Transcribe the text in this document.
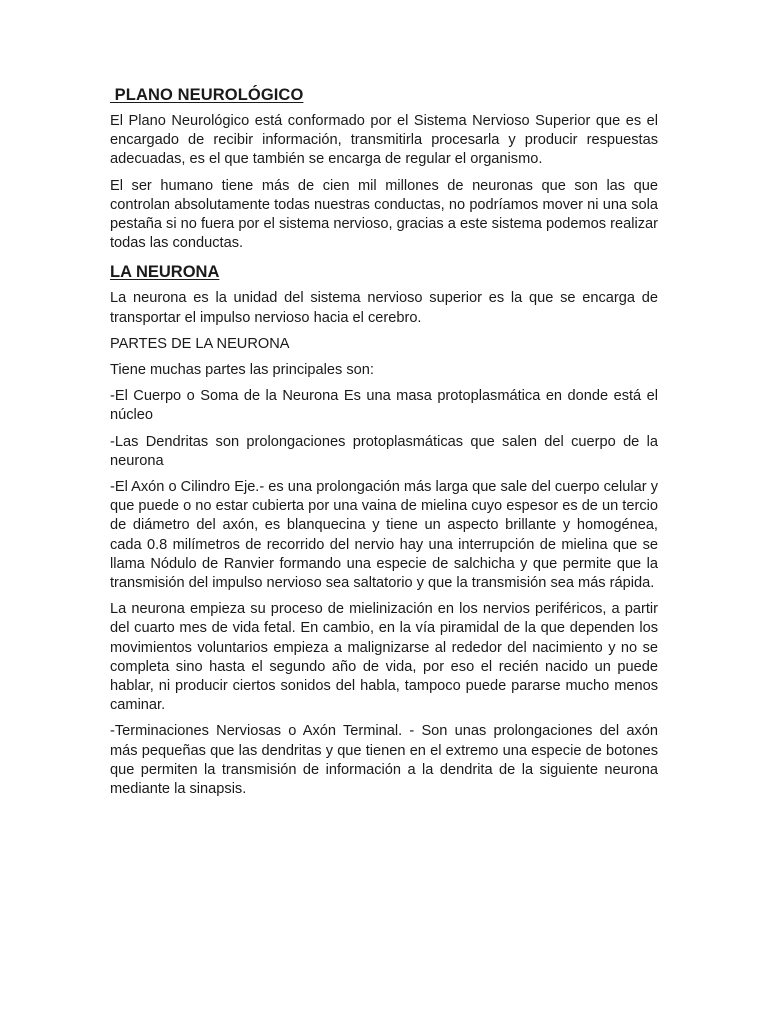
PLANO NEUROLÓGICO

El Plano Neurológico está conformado por el Sistema Nervioso Superior que es el encargado de recibir información, transmitirla procesarla y producir respuestas adecuadas, es el que también se encarga de regular el organismo.

El ser humano tiene más de cien mil millones de neuronas que son las que controlan absolutamente todas nuestras conductas, no podríamos mover ni una sola pestaña si no fuera por el sistema nervioso, gracias a este sistema podemos realizar todas las conductas.

LA NEURONA

La neurona es la unidad del sistema nervioso superior es la que se encarga de transportar el impulso nervioso hacia el cerebro.

PARTES DE LA NEURONA

Tiene muchas partes las principales son:

-El Cuerpo o Soma de la Neurona Es una masa protoplasmática en donde está el núcleo

-Las Dendritas son prolongaciones protoplasmáticas que salen del cuerpo de la neurona

-El Axón o Cilindro Eje.- es una prolongación más larga que sale del cuerpo celular y que puede o no estar cubierta por una vaina de mielina cuyo espesor es de un tercio de diámetro del axón, es blanquecina y tiene un aspecto brillante y homogénea, cada 0.8 milímetros de recorrido del nervio hay una interrupción de mielina que se llama Nódulo de Ranvier formando una especie de salchicha y que permite que la transmisión del impulso nervioso sea saltatorio y que la transmisión sea más rápida.

La neurona empieza su proceso de mielinización en los nervios periféricos, a partir del cuarto mes de vida fetal. En cambio, en la vía piramidal de la que dependen los movimientos voluntarios empieza a malignizarse al rededor del nacimiento y no se completa sino hasta el segundo año de vida, por eso el recién nacido un puede hablar, ni producir ciertos sonidos del habla, tampoco puede pararse mucho menos caminar.

-Terminaciones Nerviosas o Axón Terminal. - Son unas prolongaciones del axón más pequeñas que las dendritas y que tienen en el extremo una especie de botones que permiten la transmisión de información a la dendrita de la siguiente neurona mediante la sinapsis.
